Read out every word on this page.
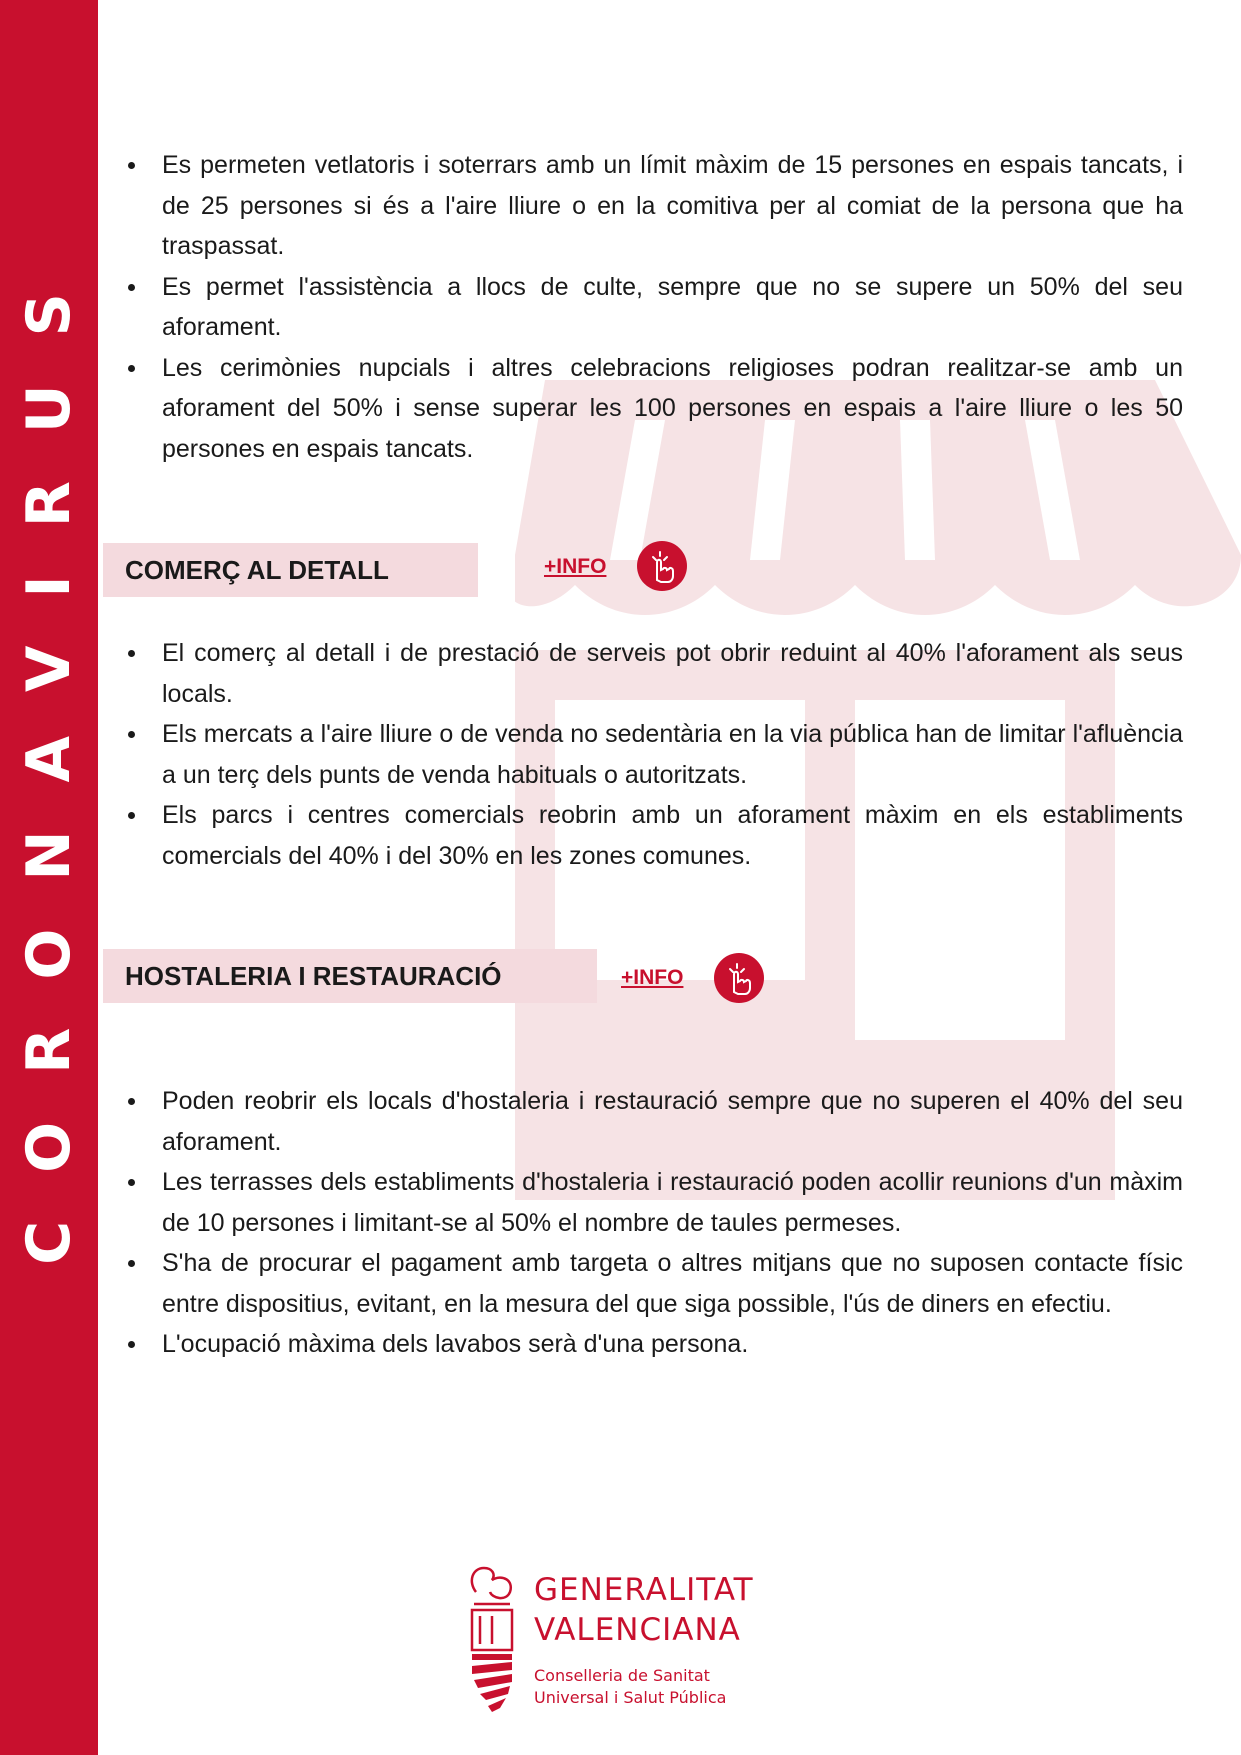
CORONAVIRUS
Es permeten vetlatoris i soterrars amb un límit màxim de 15 persones en espais tancats, i de 25 persones si és a l'aire lliure o en la comitiva per al comiat de la persona que ha traspassat.
Es permet l'assistència a llocs de culte, sempre que no se supere un 50% del seu aforament.
Les cerimònies nupcials i altres celebracions religioses podran realitzar-se amb un aforament del 50% i sense superar les 100 persones en espais a l'aire lliure o les 50 persones en espais tancats.
COMERÇ AL DETALL	+INFO
El comerç al detall i de prestació de serveis pot obrir reduint al 40% l'aforament als seus locals.
Els mercats a l'aire lliure o de venda no sedentària en la via pública han de limitar l'afluència a un terç dels punts de venda habituals o autoritzats.
Els parcs i centres comercials reobrin amb un aforament màxim en els establiments comercials del 40% i del 30% en les zones comunes.
HOSTALERIA I RESTAURACIÓ	+INFO
Poden reobrir els locals d'hostaleria i restauració sempre que no superen el 40% del seu aforament.
Les terrasses dels establiments d'hostaleria i restauració poden acollir reunions d'un màxim de 10 persones i limitant-se al 50% el nombre de taules permeses.
S'ha de procurar el pagament amb targeta o altres mitjans que no suposen contacte físic entre dispositius, evitant, en la mesura del que siga possible, l'ús de diners en efectiu.
L'ocupació màxima dels lavabos serà d'una persona.
GENERALITAT
VALENCIANA
Conselleria de Sanitat
Universal i Salut Pública
